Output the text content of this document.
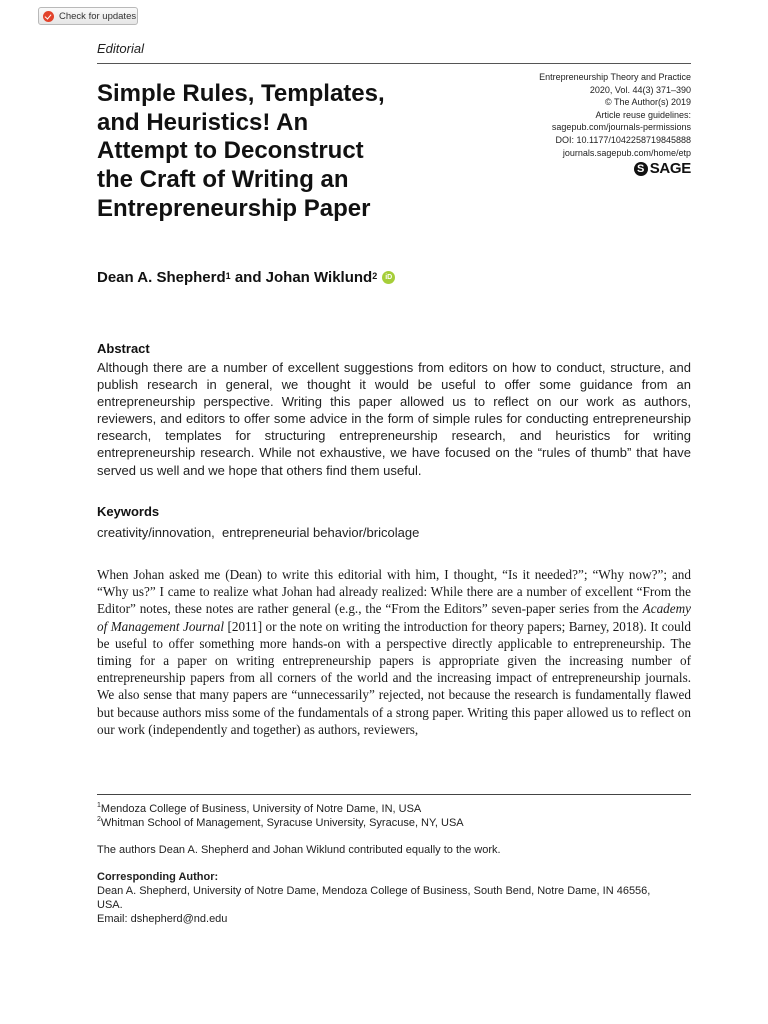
Check for updates
Editorial
Simple Rules, Templates,
and Heuristics! An
Attempt to Deconstruct
the Craft of Writing an
Entrepreneurship Paper
Entrepreneurship Theory and Practice
2020, Vol. 44(3) 371–390
© The Author(s) 2019
Article reuse guidelines:
sagepub.com/journals-permissions
DOI: 10.1177/1042258719845888
journals.sagepub.com/home/etp
S SAGE
Dean A. Shepherd$^1$ and Johan Wiklund$^2$	iD
Abstract
Although there are a number of excellent suggestions from editors on how to conduct, structure, and publish research in general, we thought it would be useful to offer some guidance from an entrepreneurship perspective. Writing this paper allowed us to reflect on our work as authors, reviewers, and editors to offer some advice in the form of simple rules for conducting entrepreneurship research, templates for structuring entrepreneurship research, and heuristics for writing entrepreneurship research. While not exhaustive, we have focused on the “rules of thumb” that have served us well and we hope that others find them useful.
Keywords
creativity/innovation,  entrepreneurial behavior/bricolage
When Johan asked me (Dean) to write this editorial with him, I thought, “Is it needed?”; “Why now?”; and “Why us?” I came to realize what Johan had already realized: While there are a number of excellent “From the Editor” notes, these notes are rather general (e.g., the “From the Editors” seven-paper series from the Academy of Management Journal [2011] or the note on writing the introduction for theory papers; Barney, 2018). It could be useful to offer something more hands-on with a perspective directly applicable to entrepreneurship. The timing for a paper on writing entrepreneurship papers is appropriate given the increasing number of entrepreneurship papers from all corners of the world and the increasing impact of entrepreneurship journals. We also sense that many papers are “unnecessarily” rejected, not because the research is fundamentally flawed but because authors miss some of the fundamentals of a strong paper. Writing this paper allowed us to reflect on our work (independently and together) as authors, reviewers,
$^1$Mendoza College of Business, University of Notre Dame, IN, USA
$^2$Whitman School of Management, Syracuse University, Syracuse, NY, USA
The authors Dean A. Shepherd and Johan Wiklund contributed equally to the work.
Corresponding Author:
Dean A. Shepherd, University of Notre Dame, Mendoza College of Business, South Bend, Notre Dame, IN 46556,
USA.
Email: dshepherd@nd.edu
